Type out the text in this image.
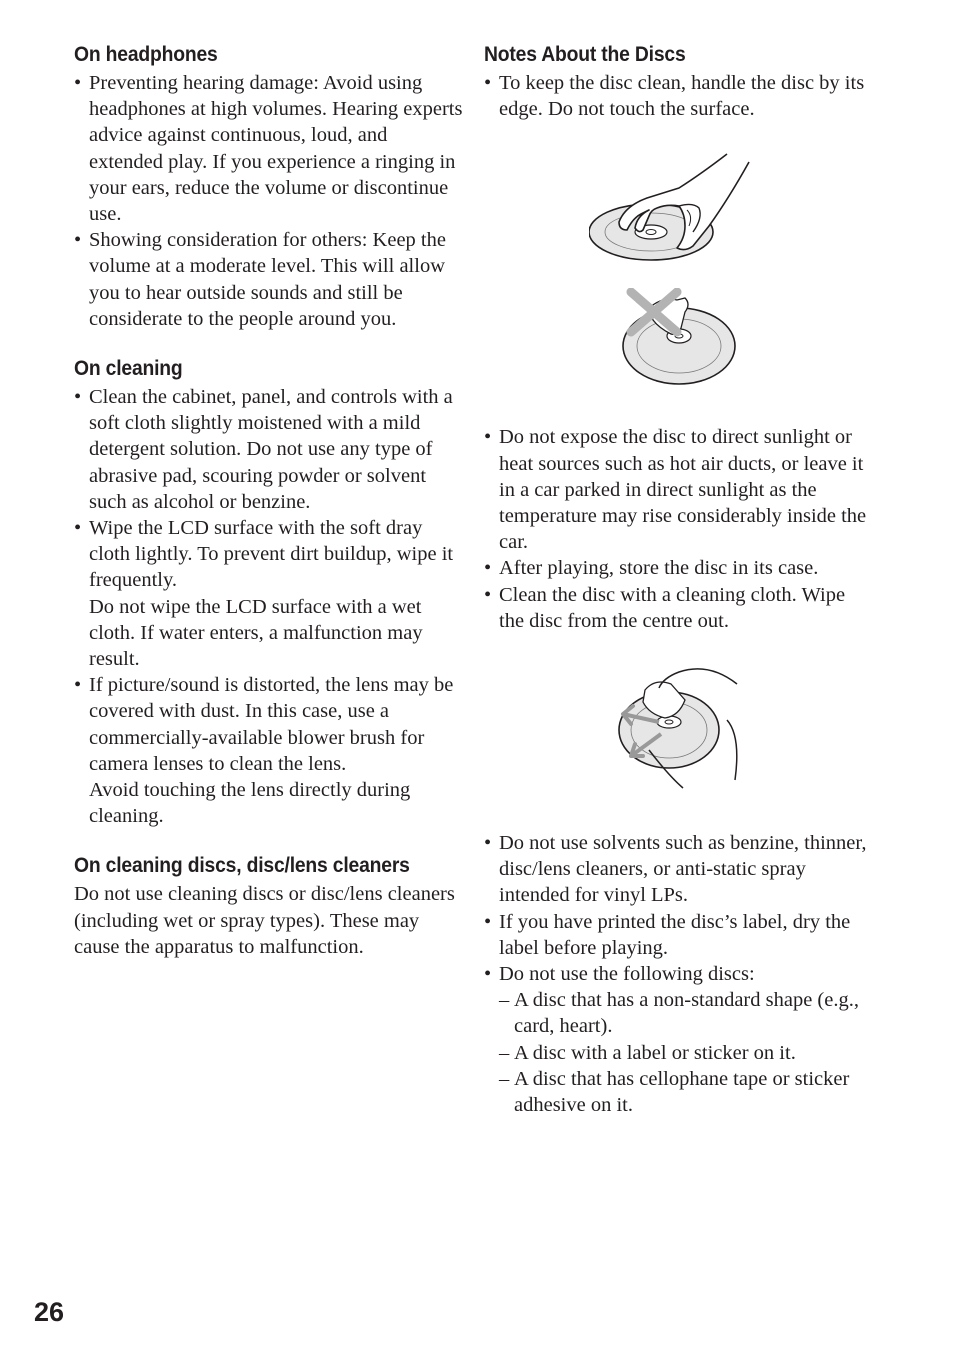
On headphones
• Preventing hearing damage: Avoid using headphones at high volumes. Hearing experts advice against continuous, loud, and extended play. If you experience a ringing in your ears, reduce the volume or discontinue use.
• Showing consideration for others: Keep the volume at a moderate level. This will allow you to hear outside sounds and still be considerate to the people around you.
On cleaning
• Clean the cabinet, panel, and controls with a soft cloth slightly moistened with a mild detergent solution. Do not use any type of abrasive pad, scouring powder or solvent such as alcohol or benzine.
• Wipe the LCD surface with the soft dray cloth lightly. To prevent dirt buildup, wipe it frequently.
Do not wipe the LCD surface with a wet cloth. If water enters, a malfunction may result.
• If picture/sound is distorted, the lens may be covered with dust. In this case, use a commercially-available blower brush for camera lenses to clean the lens.
Avoid touching the lens directly during cleaning.
On cleaning discs, disc/lens cleaners

Do not use cleaning discs or disc/lens cleaners (including wet or spray types). These may cause the apparatus to malfunction.

Notes About the Discs
• To keep the disc clean, handle the disc by its edge. Do not touch the surface.
• Do not expose the disc to direct sunlight or heat sources such as hot air ducts, or leave it in a car parked in direct sunlight as the temperature may rise considerably inside the car.
• After playing, store the disc in its case.
• Clean the disc with a cleaning cloth. Wipe the disc from the centre out.
• Do not use solvents such as benzine, thinner, disc/lens cleaners, or anti-static spray intended for vinyl LPs.
• If you have printed the disc’s label, dry the label before playing.
• Do not use the following discs:
– A disc that has a non-standard shape (e.g., card, heart).
– A disc with a label or sticker on it.
– A disc that has cellophane tape or sticker adhesive on it.
26
